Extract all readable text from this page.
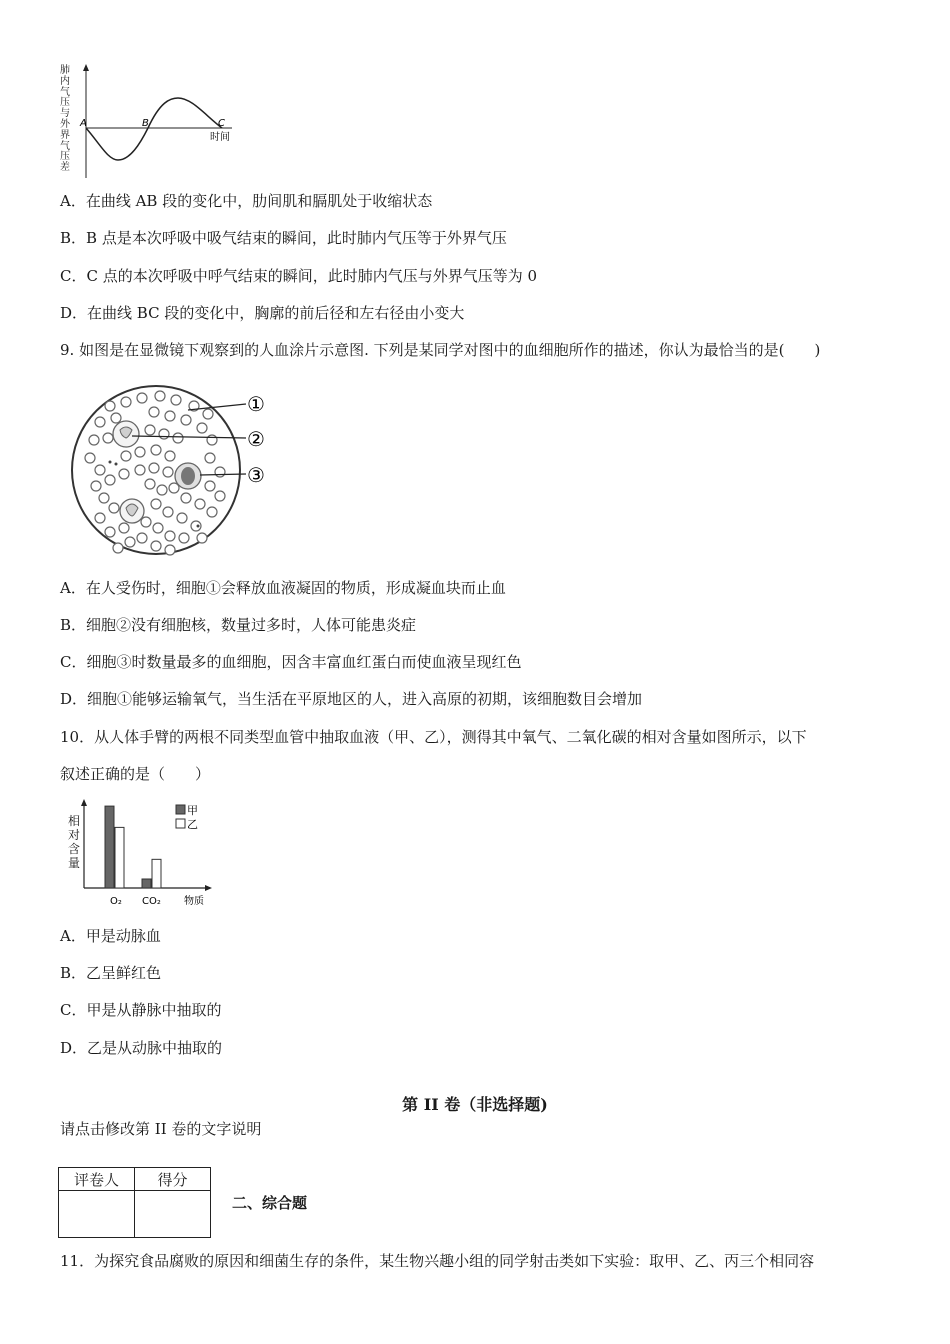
A	B	C
时间
肺内气压与外界气压差
A．在曲线 AB 段的变化中，肋间肌和膈肌处于收缩状态
B．B 点是本次呼吸中吸气结束的瞬间，此时肺内气压等于外界气压
C．C 点的本次呼吸中呼气结束的瞬间，此时肺内气压与外界气压等为 0
D．在曲线 BC 段的变化中，胸廓的前后径和左右径由小变大
9. 如图是在显微镜下观察到的人血涂片示意图. 下列是某同学对图中的血细胞所作的描述，你认为最恰当的是(　　)
①
②
③
A．在人受伤时，细胞①会释放血液凝固的物质，形成凝血块而止血
B．细胞②没有细胞核，数量过多时，人体可能患炎症
C．细胞③时数量最多的血细胞，因含丰富血红蛋白而使血液呈现红色
D．细胞①能够运输氧气，当生活在平原地区的人，进入高原的初期，该细胞数目会增加
10．从人体手臂的两根不同类型血管中抽取血液（甲、乙），测得其中氧气、二氧化碳的相对含量如图所示，以下
叙述正确的是（　　）
甲
乙
O₂ CO₂ 物质
相对含量
A．甲是动脉血
B．乙呈鲜红色
C．甲是从静脉中抽取的
D．乙是从动脉中抽取的
第 II 卷（非选择题)
请点击修改第 II 卷的文字说明
评卷人	得分

二、综合题
11．为探究食品腐败的原因和细菌生存的条件，某生物兴趣小组的同学射击类如下实验：取甲、乙、丙三个相同容
